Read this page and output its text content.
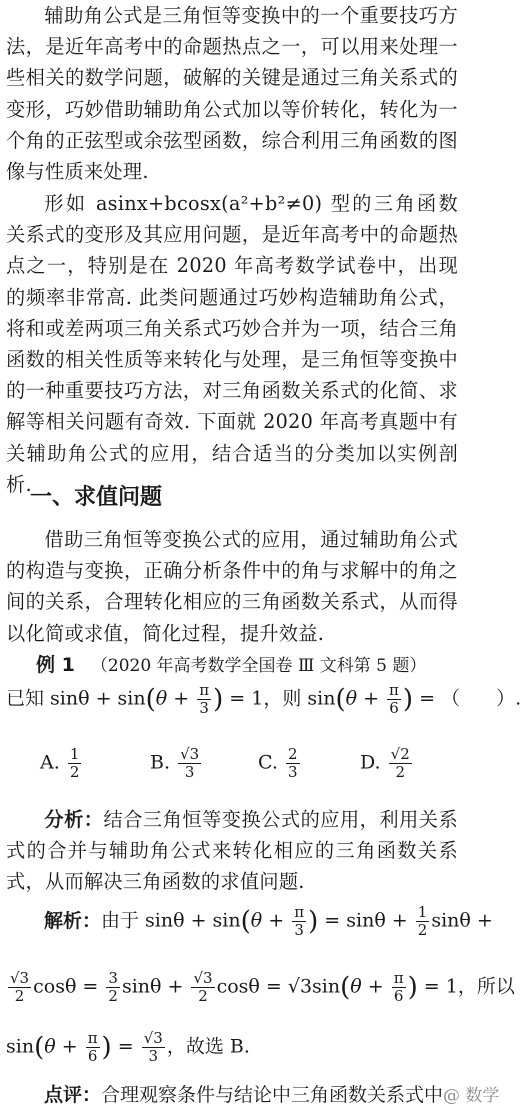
辅助角公式是三角恒等变换中的一个重要技巧方法，是近年高考中的命题热点之一，可以用来处理一些相关的数学问题，破解的关键是通过三角关系式的变形，巧妙借助辅助角公式加以等价转化，转化为一个角的正弦型或余弦型函数，综合利用三角函数的图像与性质来处理.

形如 asinx+bcosx(a²+b²≠0) 型的三角函数关系式的变形及其应用问题，是近年高考中的命题热点之一，特别是在 2020 年高考数学试卷中，出现的频率非常高. 此类问题通过巧妙构造辅助角公式，将和或差两项三角关系式巧妙合并为一项，结合三角函数的相关性质等来转化与处理，是三角恒等变换中的一种重要技巧方法，对三角函数关系式的化简、求解等相关问题有奇效. 下面就 2020 年高考真题中有关辅助角公式的应用，结合适当的分类加以实例剖析.

一、求值问题

借助三角恒等变换公式的应用，通过辅助角公式的构造与变换，正确分析条件中的角与求解中的角之间的关系，合理转化相应的三角函数关系式，从而得以化简或求值，简化过程，提升效益.

例 1 （2020 年高考数学全国卷 Ⅲ 文科第 5 题）
已知 $\sin\theta + \sin(\theta + \frac{\pi}{3}$ ) = 1，则 $\sin(\theta + \frac{\pi}{6}$ ) = （ ）.
A. $\frac{1}{2}$	B. $\frac{√3}{3}$	C. $\frac{2}{3}$	D. $\frac{√2}{2}$

分析：结合三角恒等变换公式的应用，利用关系式的合并与辅助角公式来转化相应的三角函数关系式，从而解决三角函数的求值问题.

解析：由于 $\sin\theta + \sin(\theta + \frac{\pi}{3}$ ) = $\sin\theta + \frac{1}{2}$ sinθ +
$\frac{√3}{2}$ $\cos\theta = \frac{3}{2}$ $\sin\theta + \frac{√3}{2}$ $\cos\theta = √3\sin(\theta + \frac{\pi}{6}$ ) = 1，所以
$\sin(\theta + \frac{\pi}{6}$ ) = $\frac{√3}{3}$ ，故选 B.
点评：合理观察条件与结论中三角函数关系式中@ 数学
